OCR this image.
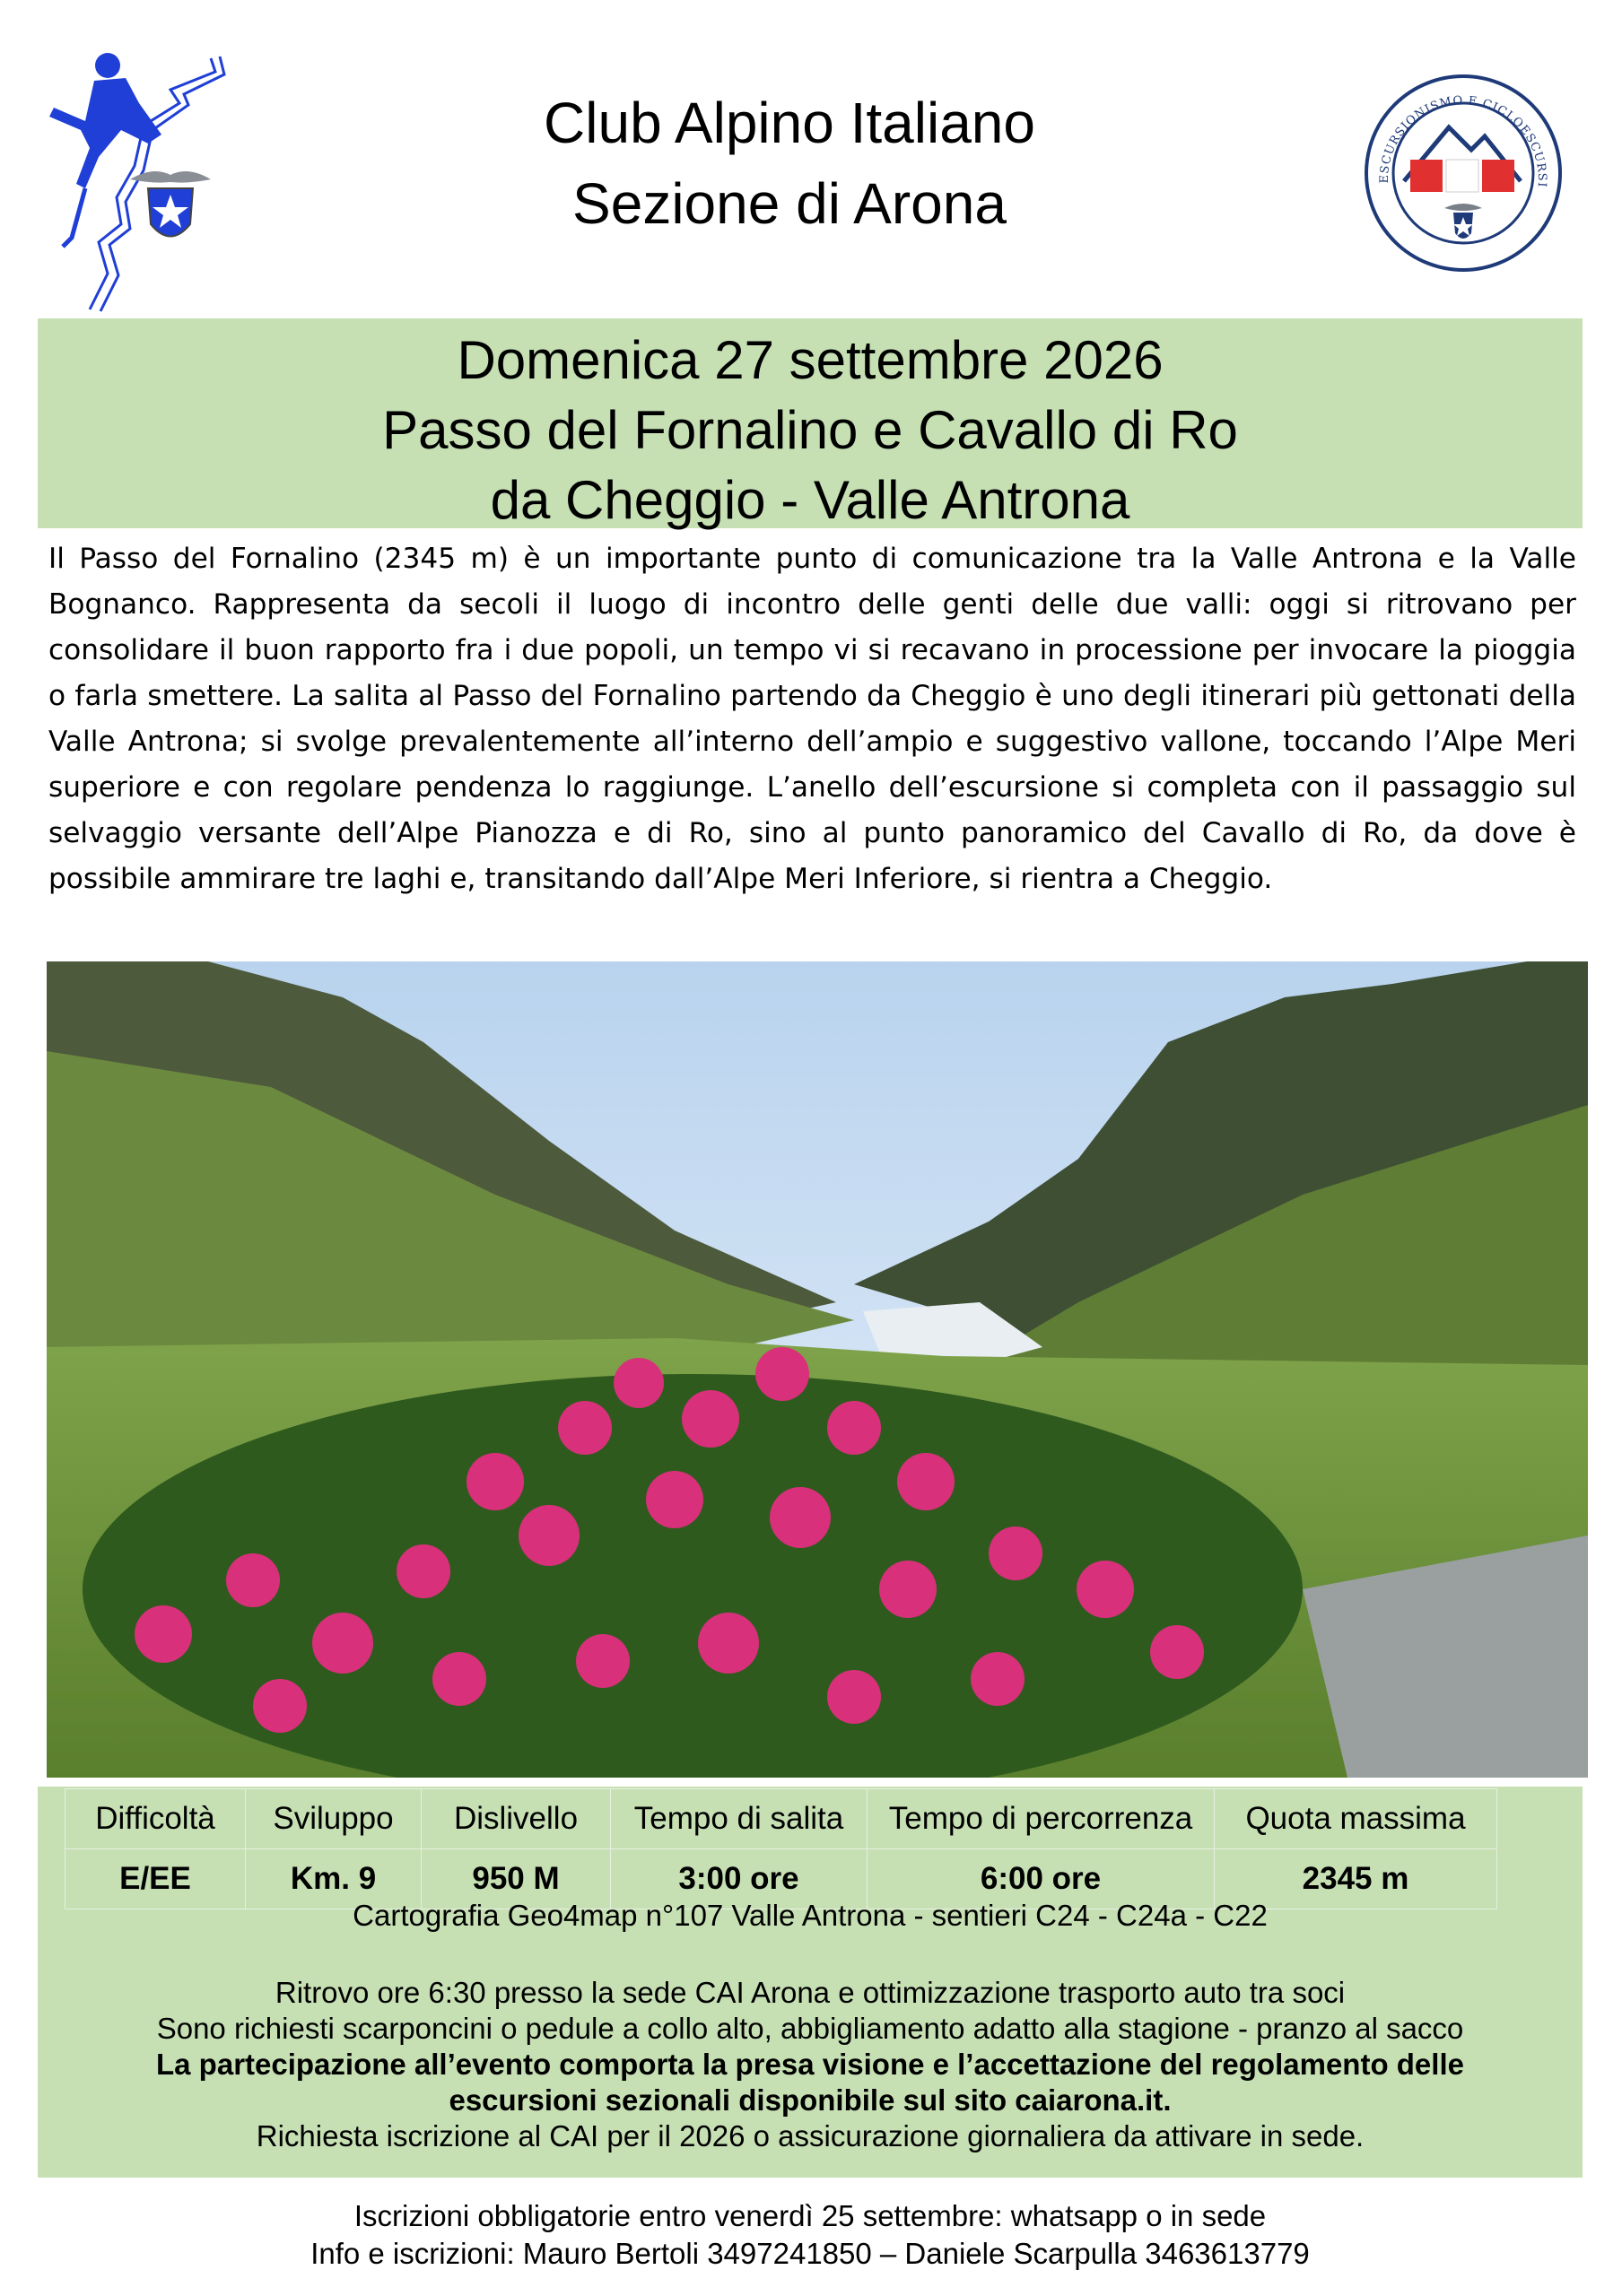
Club Alpino Italiano
Sezione di Arona	ESCURSIONISMO E CICLOESCURSI
Domenica 27 settembre 2026
Passo del Fornalino e Cavallo di Ro
da Cheggio - Valle Antrona
Il Passo del Fornalino (2345 m) è un importante punto di comunicazione tra la Valle Antrona e la Valle Bognanco. Rappresenta da secoli il luogo di incontro delle genti delle due valli: oggi si ritrovano per consolidare il buon rapporto fra i due popoli, un tempo vi si recavano in processione per invocare la pioggia o farla smettere. La salita al Passo del Fornalino partendo da Cheggio è uno degli itinerari più gettonati della Valle Antrona; si svolge prevalentemente all’interno dell’ampio e suggestivo vallone, toccando l’Alpe Meri superiore e con regolare pendenza lo raggiunge. L’anello dell’escursione si completa con il passaggio sul selvaggio versante dell’Alpe Pianozza e di Ro, sino al punto panoramico del Cavallo di Ro, da dove è possibile ammirare tre laghi e, transitando dall’Alpe Meri Inferiore, si rientra a Cheggio.
Difficoltà	Sviluppo	Dislivello	Tempo di salita	Tempo di percorrenza	Quota massima
E/EE	Km. 9	950 M	3:00 ore	6:00 ore	2345 m
Cartografia Geo4map n°107 Valle Antrona - sentieri C24 - C24a - C22
Ritrovo ore 6:30 presso la sede CAI Arona e ottimizzazione trasporto auto tra soci
Sono richiesti scarponcini o pedule a collo alto, abbigliamento adatto alla stagione - pranzo al sacco
La partecipazione all’evento comporta la presa visione e l’accettazione del regolamento delle
escursioni sezionali disponibile sul sito caiarona.it.
Richiesta iscrizione al CAI per il 2026 o assicurazione giornaliera da attivare in sede.
Iscrizioni obbligatorie entro venerdì 25 settembre: whatsapp o in sede
Info e iscrizioni: Mauro Bertoli 3497241850 – Daniele Scarpulla 3463613779
